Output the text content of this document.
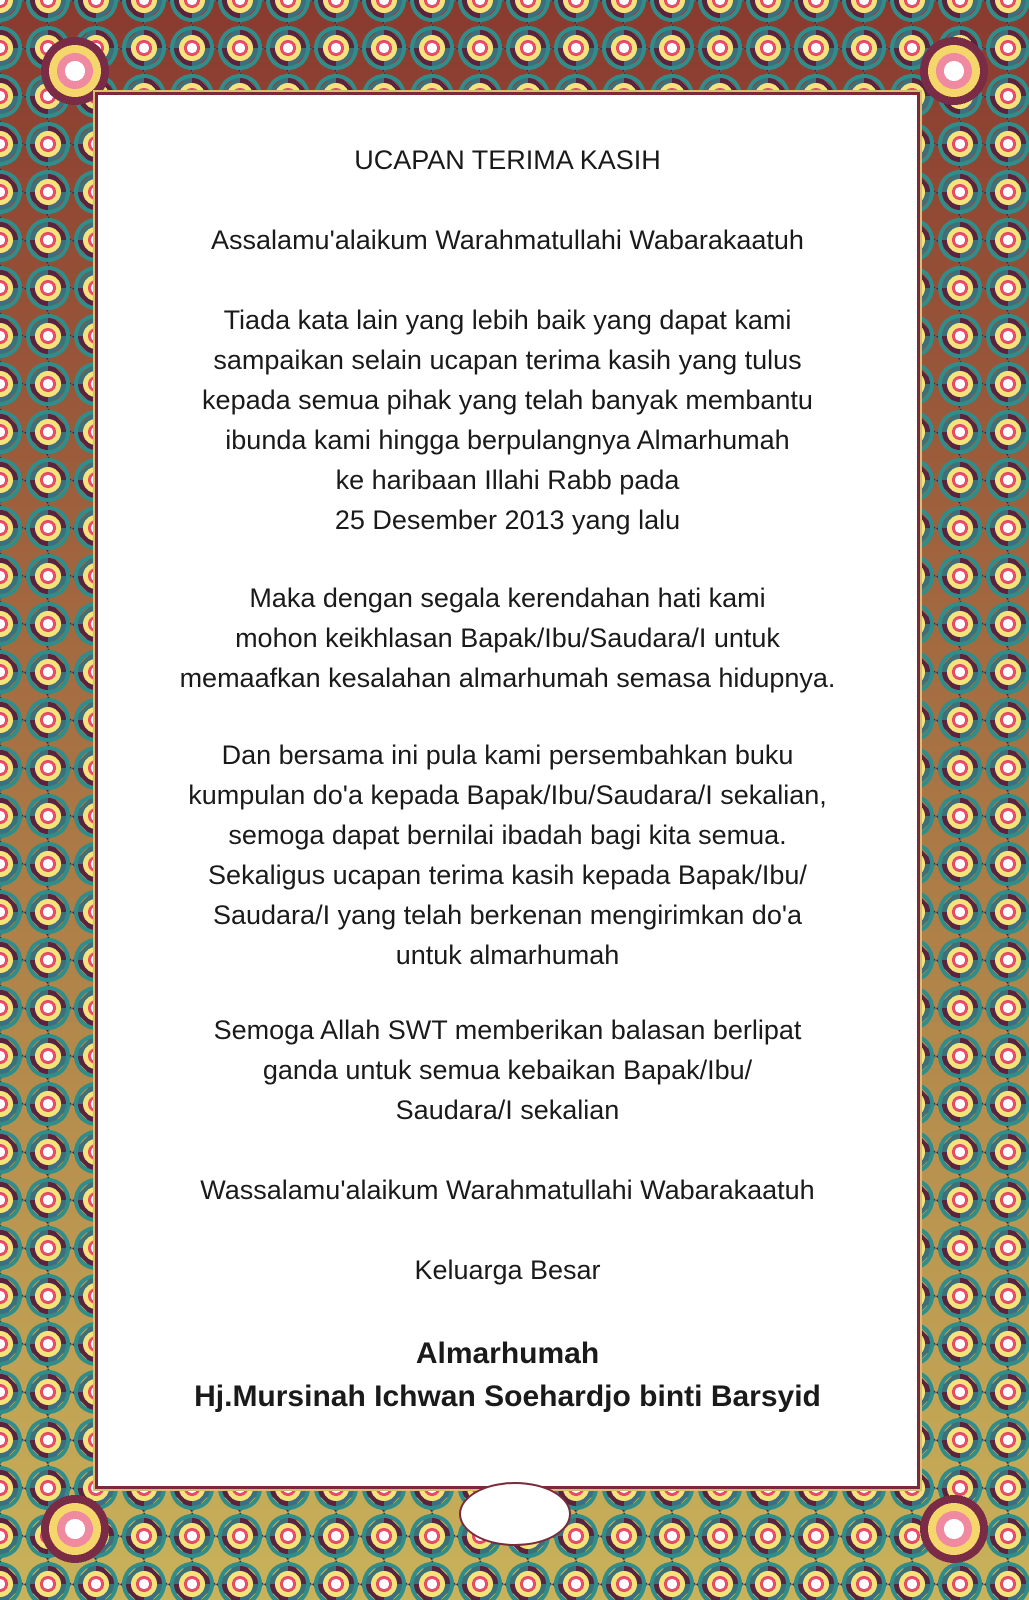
UCAPAN TERIMA KASIH

Assalamu'alaikum Warahmatullahi Wabarakaatuh

Tiada kata lain yang lebih baik yang dapat kami

sampaikan selain ucapan terima kasih yang tulus

kepada semua pihak yang telah banyak membantu

ibunda kami hingga berpulangnya Almarhumah

ke haribaan Illahi Rabb pada

25 Desember 2013 yang lalu

Maka dengan segala kerendahan hati kami

mohon keikhlasan Bapak/Ibu/Saudara/I untuk

memaafkan kesalahan almarhumah semasa hidupnya.

Dan bersama ini pula kami persembahkan buku

kumpulan do'a kepada Bapak/Ibu/Saudara/I sekalian,

semoga dapat bernilai ibadah bagi kita semua.

Sekaligus ucapan terima kasih kepada Bapak/Ibu/

Saudara/I yang telah berkenan mengirimkan do'a

untuk almarhumah

Semoga Allah SWT memberikan balasan berlipat

ganda untuk semua kebaikan Bapak/Ibu/

Saudara/I sekalian

Wassalamu'alaikum Warahmatullahi Wabarakaatuh

Keluarga Besar

Almarhumah

Hj.Mursinah Ichwan Soehardjo binti Barsyid
